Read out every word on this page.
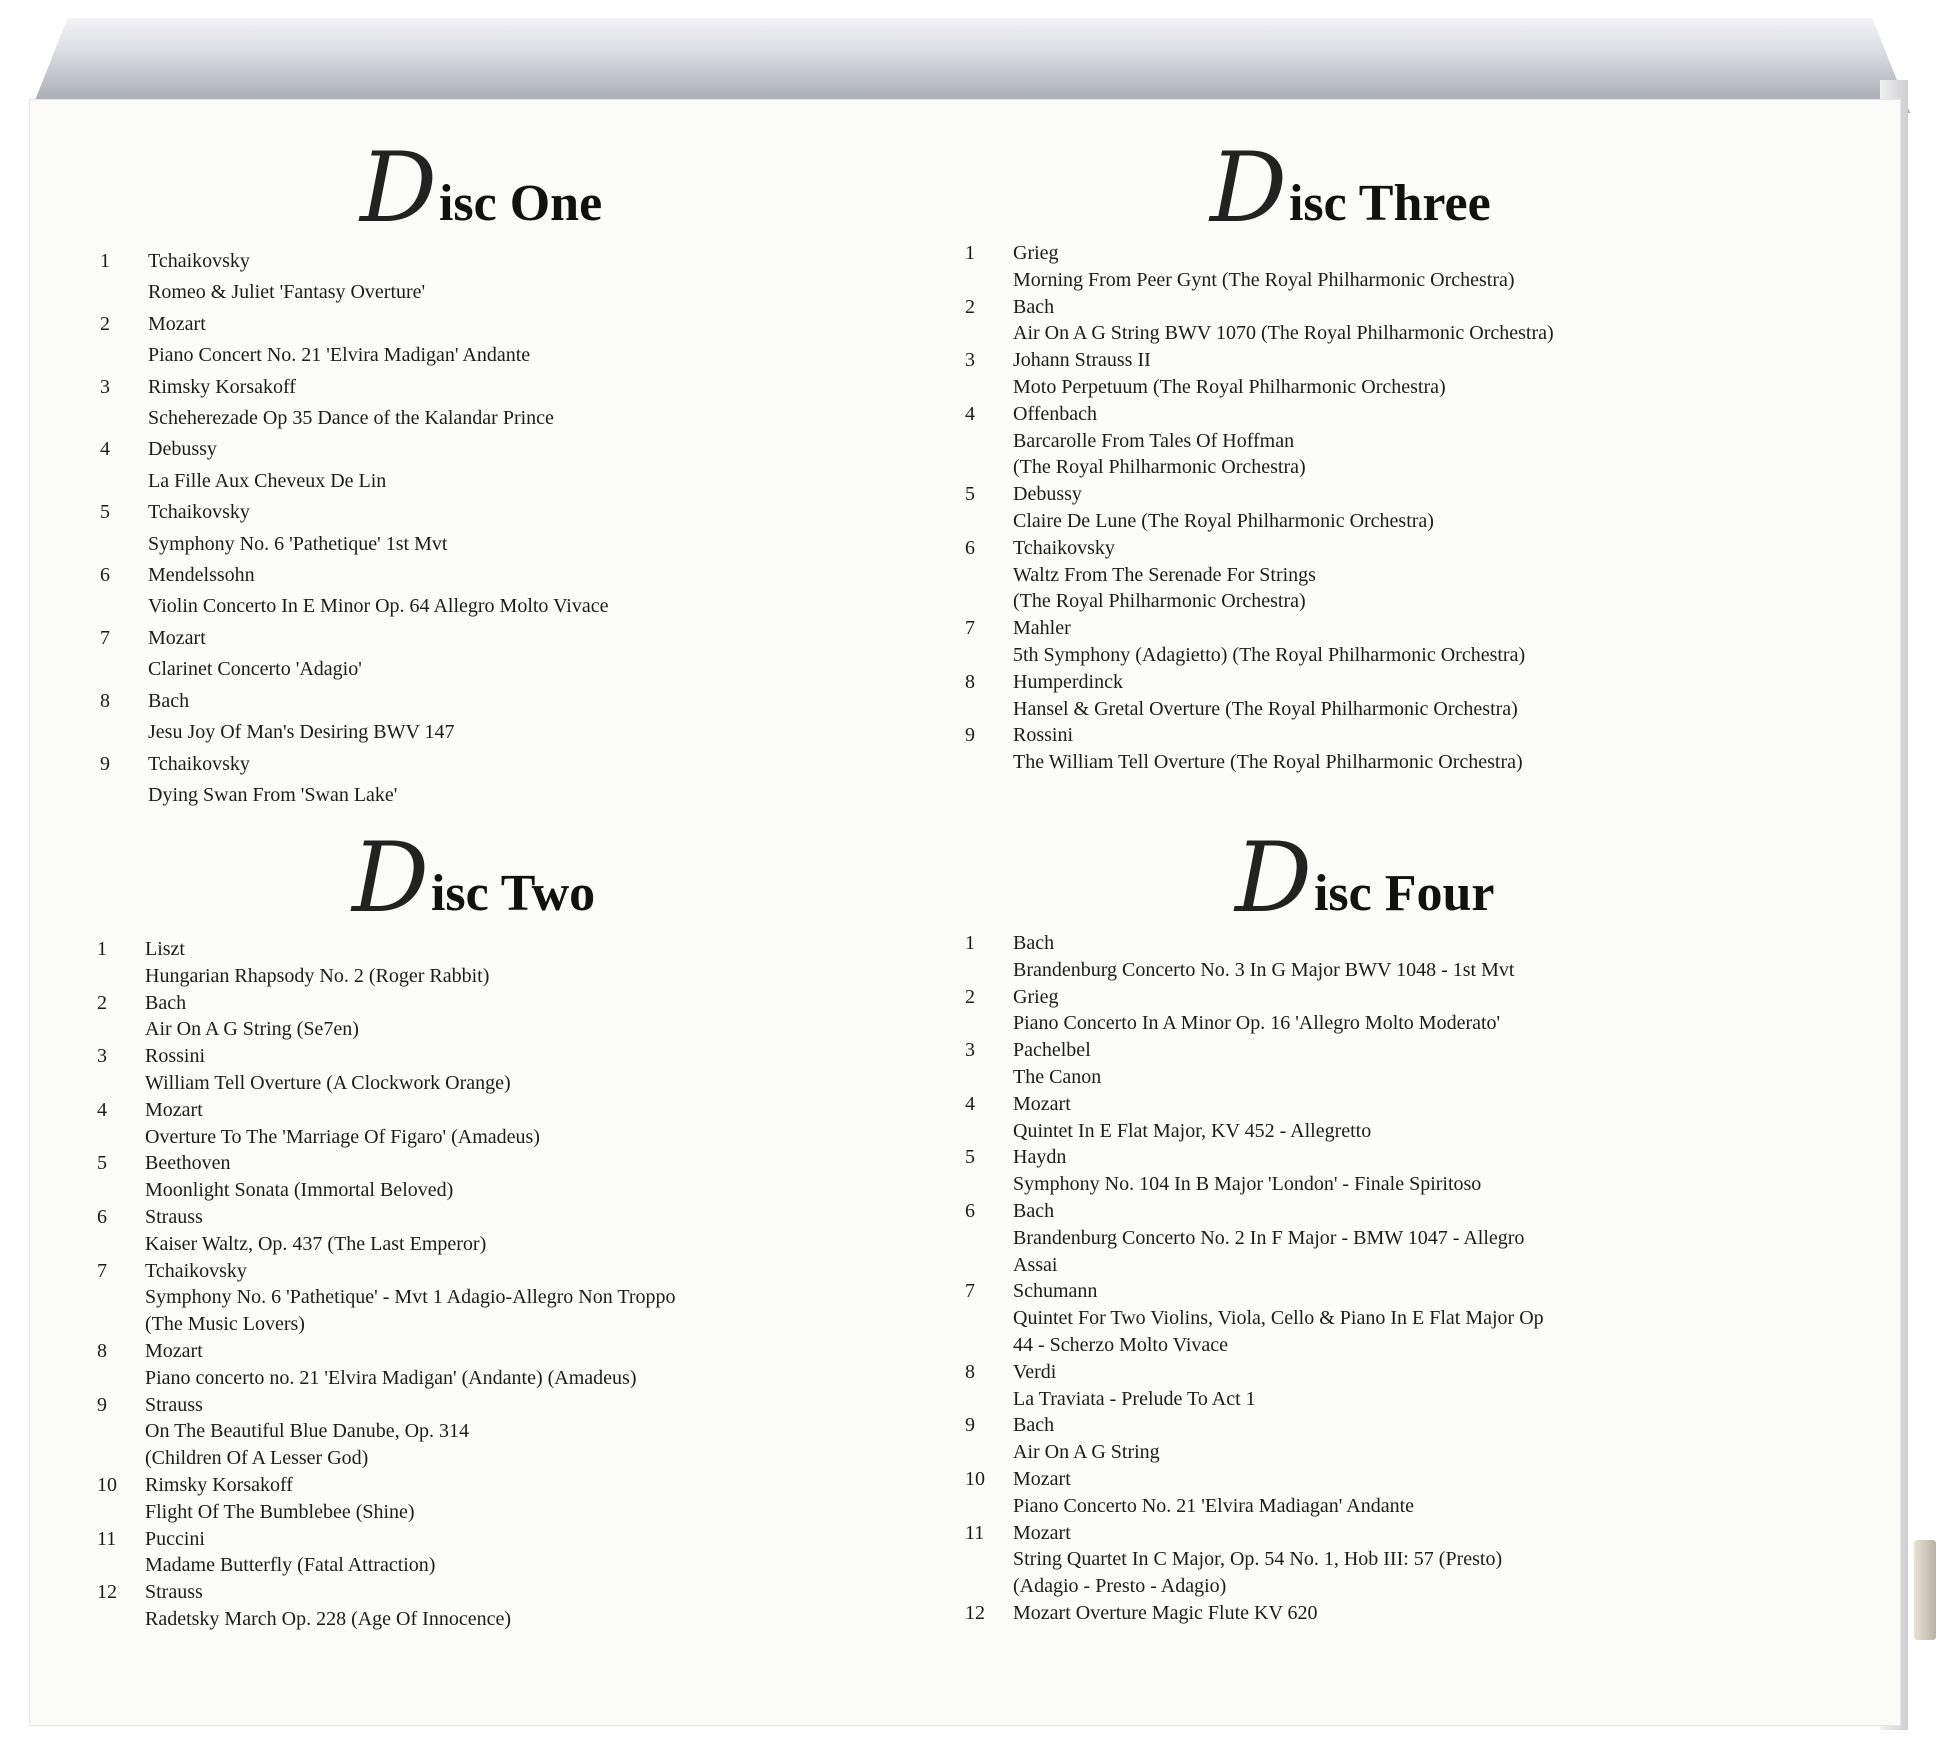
D isc One
1	Tchaikovsky
Romeo & Juliet 'Fantasy Overture'
2	Mozart
Piano Concert No. 21 'Elvira Madigan' Andante
3	Rimsky Korsakoff
Scheherezade Op 35 Dance of the Kalandar Prince
4	Debussy
La Fille Aux Cheveux De Lin
5	Tchaikovsky
Symphony No. 6 'Pathetique' 1st Mvt
6	Mendelssohn
Violin Concerto In E Minor Op. 64 Allegro Molto Vivace
7	Mozart
Clarinet Concerto 'Adagio'
8	Bach
Jesu Joy Of Man's Desiring BWV 147
9	Tchaikovsky
Dying Swan From 'Swan Lake'
D isc Two
1	Liszt
Hungarian Rhapsody No. 2 (Roger Rabbit)
2	Bach
Air On A G String (Se7en)
3	Rossini
William Tell Overture (A Clockwork Orange)
4	Mozart
Overture To The 'Marriage Of Figaro' (Amadeus)
5	Beethoven
Moonlight Sonata (Immortal Beloved)
6	Strauss
Kaiser Waltz, Op. 437 (The Last Emperor)
7	Tchaikovsky
Symphony No. 6 'Pathetique' - Mvt 1 Adagio-Allegro Non Troppo
(The Music Lovers)
8	Mozart
Piano concerto no. 21 'Elvira Madigan' (Andante) (Amadeus)
9	Strauss
On The Beautiful Blue Danube, Op. 314
(Children Of A Lesser God)
10	Rimsky Korsakoff
Flight Of The Bumblebee (Shine)
11	Puccini
Madame Butterfly (Fatal Attraction)
12	Strauss
Radetsky March Op. 228 (Age Of Innocence)
D isc Three
1	Grieg
Morning From Peer Gynt (The Royal Philharmonic Orchestra)
2	Bach
Air On A G String BWV 1070 (The Royal Philharmonic Orchestra)
3	Johann Strauss II
Moto Perpetuum (The Royal Philharmonic Orchestra)
4	Offenbach
Barcarolle From Tales Of Hoffman
(The Royal Philharmonic Orchestra)
5	Debussy
Claire De Lune (The Royal Philharmonic Orchestra)
6	Tchaikovsky
Waltz From The Serenade For Strings
(The Royal Philharmonic Orchestra)
7	Mahler
5th Symphony (Adagietto) (The Royal Philharmonic Orchestra)
8	Humperdinck
Hansel & Gretal Overture (The Royal Philharmonic Orchestra)
9	Rossini
The William Tell Overture (The Royal Philharmonic Orchestra)
D isc Four
1	Bach
Brandenburg Concerto No. 3 In G Major BWV 1048 - 1st Mvt
2	Grieg
Piano Concerto In A Minor Op. 16 'Allegro Molto Moderato'
3	Pachelbel
The Canon
4	Mozart
Quintet In E Flat Major, KV 452 - Allegretto
5	Haydn
Symphony No. 104 In B Major 'London' - Finale Spiritoso
6	Bach
Brandenburg Concerto No. 2 In F Major - BMW 1047 - Allegro
Assai
7	Schumann
Quintet For Two Violins, Viola, Cello & Piano In E Flat Major Op
44 - Scherzo Molto Vivace
8	Verdi
La Traviata - Prelude To Act 1
9	Bach
Air On A G String
10	Mozart
Piano Concerto No. 21 'Elvira Madiagan' Andante
11	Mozart
String Quartet In C Major, Op. 54 No. 1, Hob III: 57 (Presto)
(Adagio - Presto - Adagio)
12	Mozart Overture Magic Flute KV 620
